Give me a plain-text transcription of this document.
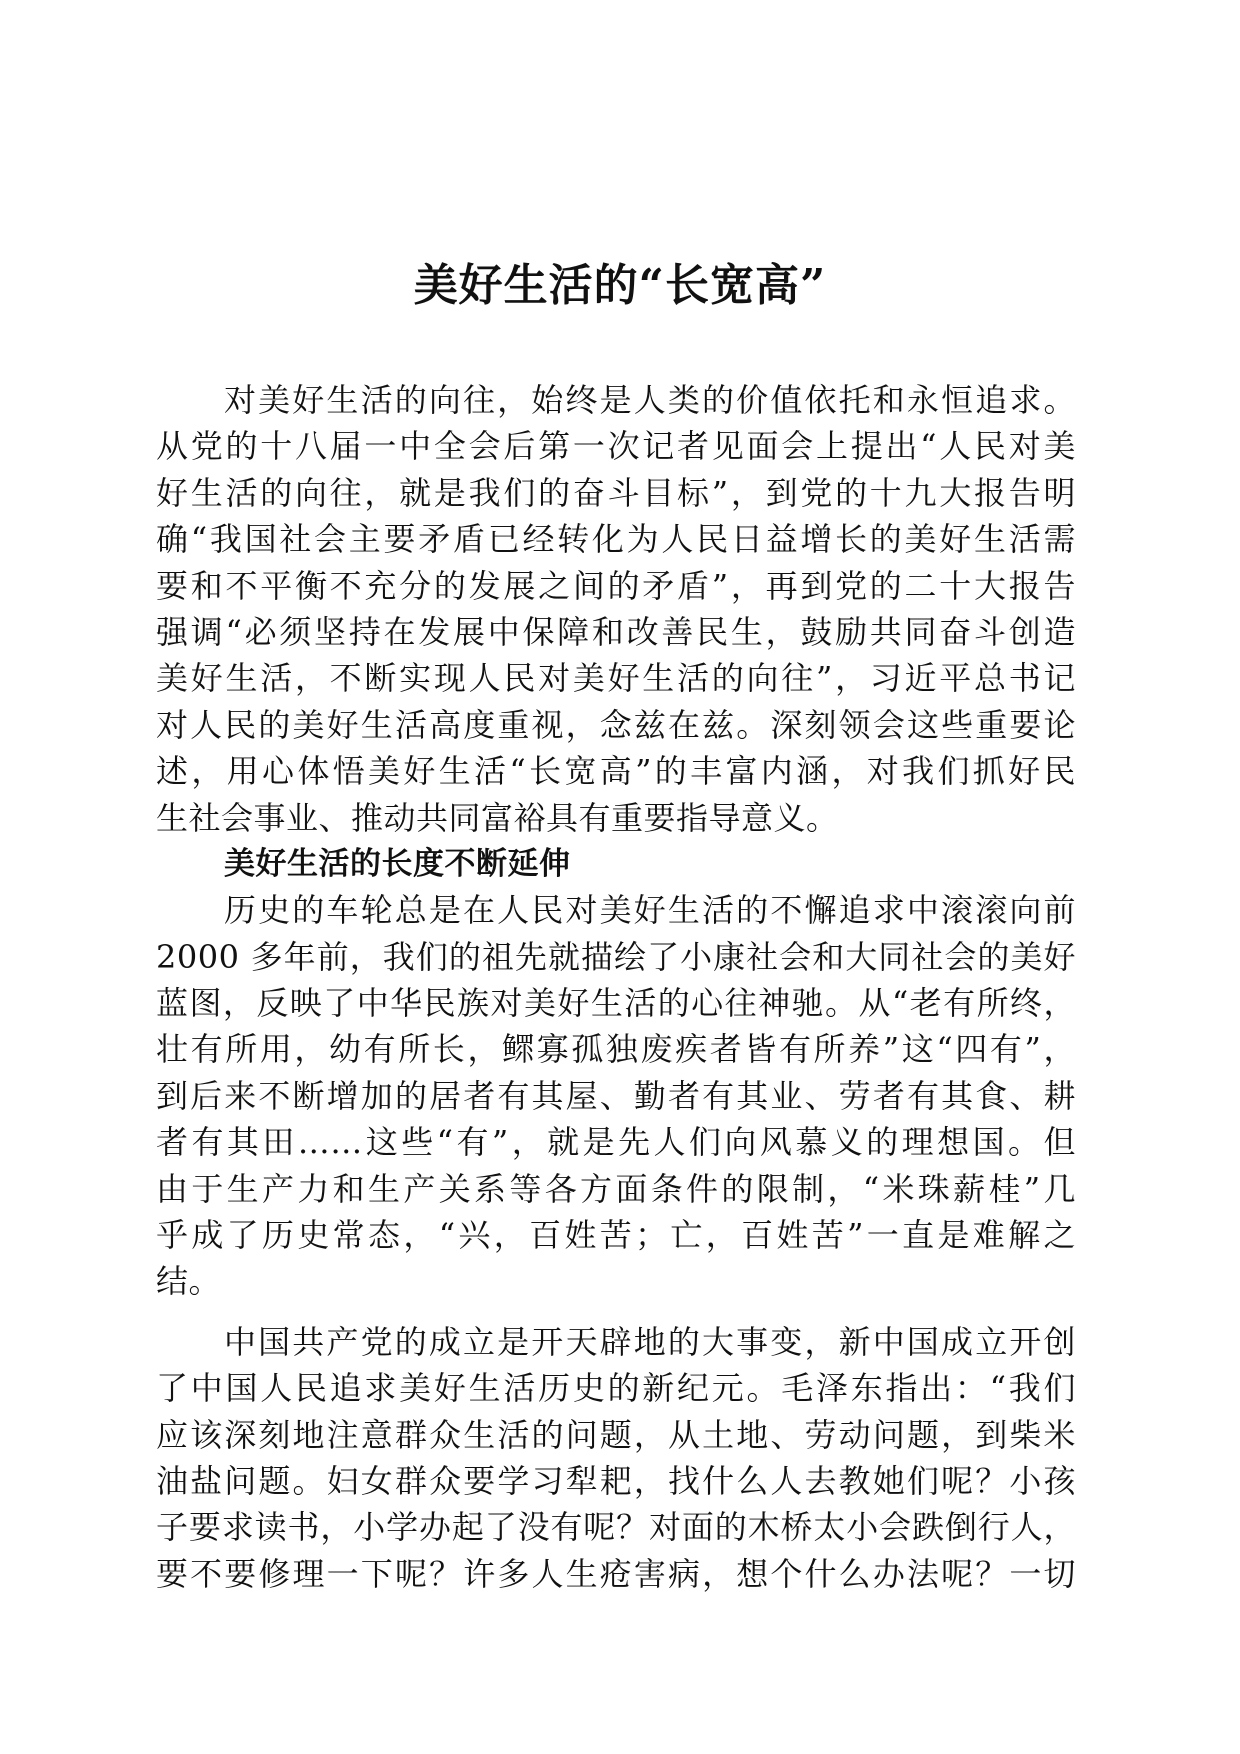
美好生活的“长宽高”
对美好生活的向往，始终是人类的价值依托和永恒追求。
从党的十八届一中全会后第一次记者见面会上提出“人民对美
好生活的向往，就是我们的奋斗目标”，到党的十九大报告明
确“我国社会主要矛盾已经转化为人民日益增长的美好生活需
要和不平衡不充分的发展之间的矛盾”，再到党的二十大报告
强调“必须坚持在发展中保障和改善民生，鼓励共同奋斗创造
美好生活，不断实现人民对美好生活的向往”，习近平总书记
对人民的美好生活高度重视，念兹在兹。深刻领会这些重要论
述，用心体悟美好生活“长宽高”的丰富内涵，对我们抓好民
生社会事业、推动共同富裕具有重要指导意义。
美好生活的长度不断延伸
历史的车轮总是在人民对美好生活的不懈追求中滚滚向前
2000 多年前，我们的祖先就描绘了小康社会和大同社会的美好
蓝图，反映了中华民族对美好生活的心往神驰。从“老有所终，
壮有所用，幼有所长，鳏寡孤独废疾者皆有所养”这“四有”，
到后来不断增加的居者有其屋、勤者有其业、劳者有其食、耕
者有其田……这些“有”，就是先人们向风慕义的理想国。但
由于生产力和生产关系等各方面条件的限制，“米珠薪桂”几
乎成了历史常态，“兴，百姓苦；亡，百姓苦”一直是难解之
结。
中国共产党的成立是开天辟地的大事变，新中国成立开创
了中国人民追求美好生活历史的新纪元。毛泽东指出：“我们
应该深刻地注意群众生活的问题，从土地、劳动问题，到柴米
油盐问题。妇女群众要学习犁耙，找什么人去教她们呢？小孩
子要求读书，小学办起了没有呢？对面的木桥太小会跌倒行人，
要不要修理一下呢？许多人生疮害病，想个什么办法呢？一切
